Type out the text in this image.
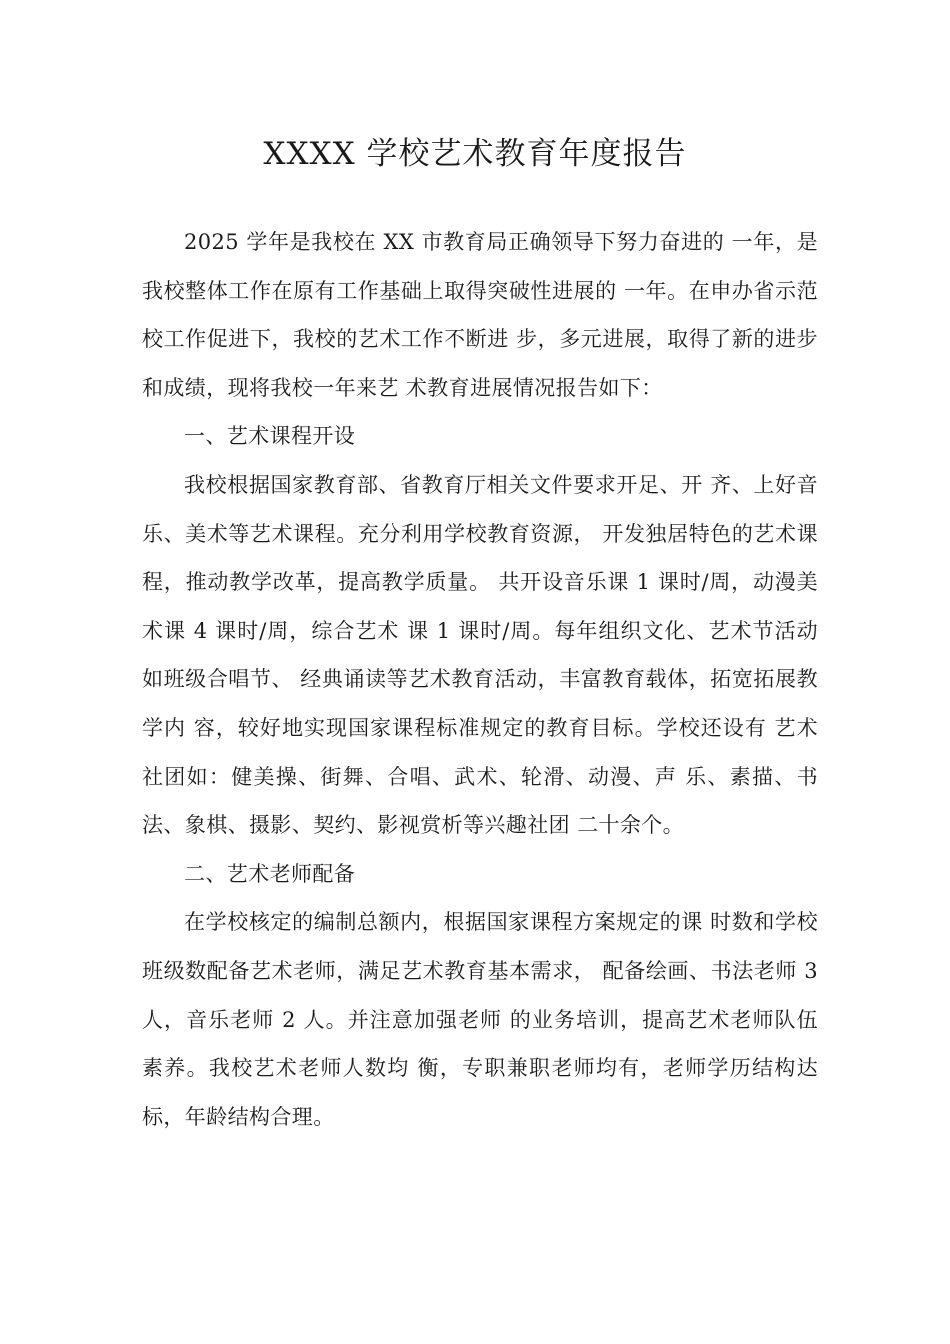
XXXX 学校艺术教育年度报告

2025 学年是我校在 XX 市教育局正确领导下努力奋进的 一年，是我校整体工作在原有工作基础上取得突破性进展的 一年。在申办省示范校工作促进下，我校的艺术工作不断进 步，多元进展，取得了新的进步和成绩，现将我校一年来艺 术教育进展情况报告如下：

一、艺术课程开设

我校根据国家教育部、省教育厅相关文件要求开足、开 齐、上好音乐、美术等艺术课程。充分利用学校教育资源， 开发独居特色的艺术课程，推动教学改革，提高教学质量。 共开设音乐课 1 课时/周，动漫美术课 4 课时/周，综合艺术 课 1 课时/周。每年组织文化、艺术节活动如班级合唱节、 经典诵读等艺术教育活动，丰富教育载体，拓宽拓展教学内 容，较好地实现国家课程标准规定的教育目标。学校还设有 艺术社团如：健美操、街舞、合唱、武术、轮滑、动漫、声 乐、素描、书法、象棋、摄影、契约、影视赏析等兴趣社团 二十余个。

二、艺术老师配备

在学校核定的编制总额内，根据国家课程方案规定的课 时数和学校班级数配备艺术老师，满足艺术教育基本需求， 配备绘画、书法老师 3 人，音乐老师 2 人。并注意加强老师 的业务培训，提高艺术老师队伍素养。我校艺术老师人数均 衡，专职兼职老师均有，老师学历结构达标，年龄结构合理。
